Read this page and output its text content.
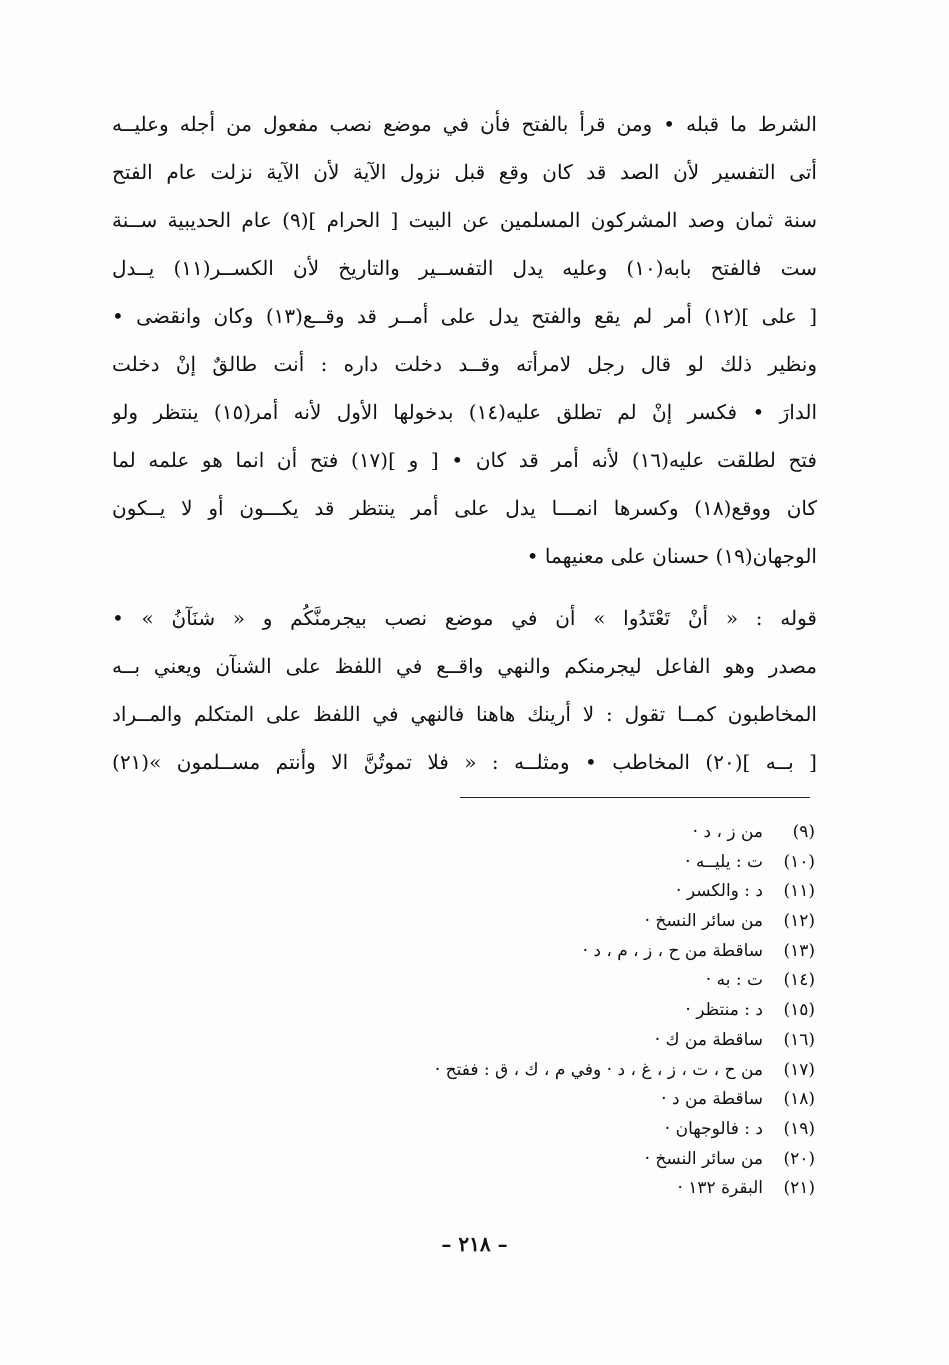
الشرط ما قبله • ومن قرأ بالفتح فأن في موضع نصب مفعول من أجله وعليــه
أتى التفسير لأن الصد قد كان وقع قبل نزول الآية لأن الآية نزلت عام الفتح
سنة ثمان وصد المشركون المسلمين عن البيت [ الحرام ](٩) عام الحديبية ســنة
ست فالفتح بابه(١٠) وعليه يدل التفســير والتاريخ لأن الكســر(١١) يــدل
[ على ](١٢) أمر لم يقع والفتح يدل على أمــر قد وقــع(١٣) وكان وانقضى •
ونظير ذلك لو قال رجل لامرأته وقــد دخلت داره : أنت طالقٌ إنْ دخلت
الدارَ • فكسر إنْ لم تطلق عليه(١٤) بدخولها الأول لأنه أمر(١٥) ينتظر ولو
فتح لطلقت عليه(١٦) لأنه أمر قد كان • [ و ](١٧) فتح أن انما هو علمه لما
كان ووقع(١٨) وكسرها انمـــا يدل على أمر ينتظر قد يكـــون أو لا يــكون
الوجهان(١٩) حسنان على معنيهما •
قوله : « أنْ تَعْتَدُوا » أن في موضع نصب بيجرمنَّكُم و « شنَآنُ » •
مصدر وهو الفاعل ليجرمنكم والنهي واقــع في اللفظ على الشنآن ويعني بــه
المخاطبون كمــا تقول : لا أرينك هاهنا فالنهي في اللفظ على المتكلم والمــراد
[ بــه ](٢٠) المخاطب • ومثلــه : « فلا تموتُنَّ الا وأنتم مســلمون »(٢١)
(٩)من ز ، د ·
(١٠)ت : يليــه ·
(١١)د : والكسر ·
(١٢)من سائر النسخ ·
(١٣)ساقطة من ح ، ز ، م ، د ·
(١٤)ت : به ·
(١٥)د : منتظر ·
(١٦)ساقطة من ك ·
(١٧)من ح ، ت ، ز ، غ ، د · وفي م ، ك ، ق : ففتح ·
(١٨)ساقطة من د ·
(١٩)د : فالوجهان ·
(٢٠)من سائر النسخ ·
(٢١)البقرة ١٣٢ ·
– ٢١٨ –
